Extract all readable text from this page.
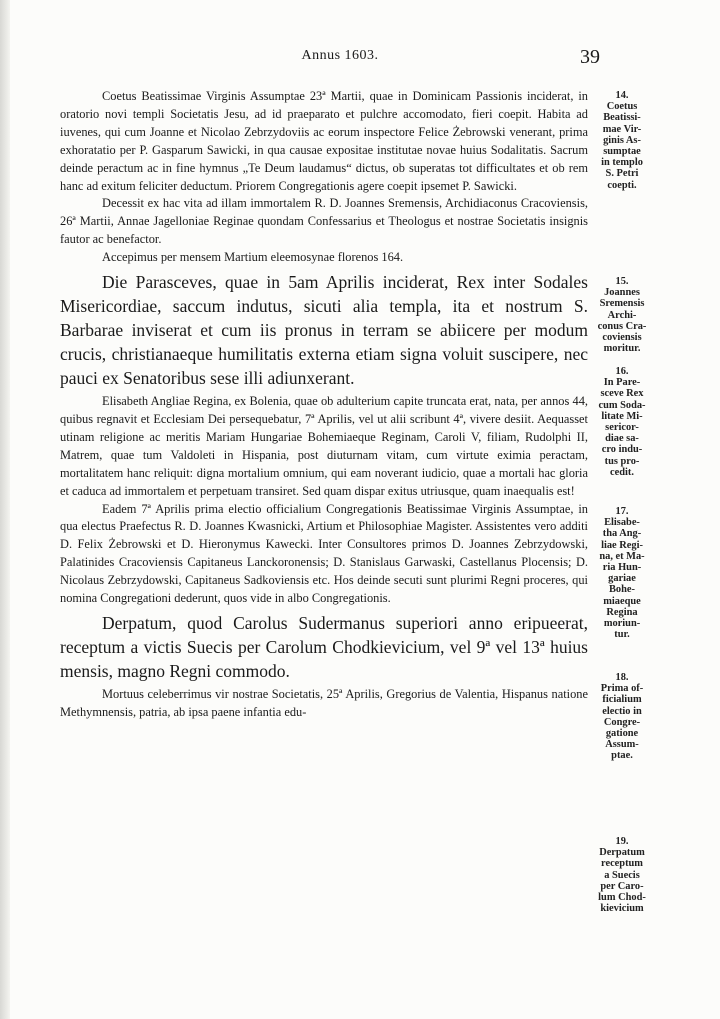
Annus 1603.	39

Coetus Beatissimae Virginis Assumptae 23ª Martii, quae in Dominicam Passionis inciderat, in oratorio novi templi Societatis Jesu, ad id praeparato et pulchre accomodato, fieri coepit. Habita ad iuvenes, qui cum Joanne et Nicolao Zebrzydoviis ac eorum inspectore Felice Żebrowski venerant, prima exhoratatio per P. Gasparum Sawicki, in qua causae expositae institutae novae huius Sodalitatis. Sacrum deinde peractum ac in fine hymnus „Te Deum laudamus“ dictus, ob superatas tot difficultates et ob rem hanc ad exitum feliciter deductum. Priorem Congregationis agere coepit ipsemet P. Sawicki.

Decessit ex hac vita ad illam immortalem R. D. Joannes Sremensis, Archidiaconus Cracoviensis, 26ª Martii, Annae Jagelloniae Reginae quondam Confessarius et Theologus et nostrae Societatis insignis fautor ac benefactor.

Accepimus per mensem Martium eleemosynae florenos 164.

Die Parasceves, quae in 5am Aprilis inciderat, Rex inter Sodales Misericordiae, saccum indutus, sicuti alia templa, ita et nostrum S. Barbarae inviserat et cum iis pronus in terram se abiicere per modum crucis, christianaeque humilitatis externa etiam signa voluit suscipere, nec pauci ex Senatoribus sese illi adiunxerant.

Elisabeth Angliae Regina, ex Bolenia, quae ob adulterium capite truncata erat, nata, per annos 44, quibus regnavit et Ecclesiam Dei persequebatur, 7ª Aprilis, vel ut alii scribunt 4ª, vivere desiit. Aequasset utinam religione ac meritis Mariam Hungariae Bohemiaeque Reginam, Caroli V, filiam, Rudolphi II, Matrem, quae tum Valdoleti in Hispania, post diuturnam vitam, cum virtute eximia peractam, mortalitatem hanc reliquit: digna mortalium omnium, qui eam noverant iudicio, quae a mortali hac gloria et caduca ad immortalem et perpetuam transiret. Sed quam dispar exitus utriusque, quam inaequalis est!

Eadem 7ª Aprilis prima electio officialium Congregationis Beatissimae Virginis Assumptae, in qua electus Praefectus R. D. Joannes Kwasnicki, Artium et Philosophiae Magister. Assistentes vero additi D. Felix Żebrowski et D. Hieronymus Kawecki. Inter Consultores primos D. Joannes Zebrzydowski, Palatinides Cracoviensis Capitaneus Lanckoronensis; D. Stanislaus Garwaski, Castellanus Plocensis; D. Nicolaus Zebrzydowski, Capitaneus Sadkoviensis etc. Hos deinde secuti sunt plurimi Regni proceres, qui nomina Congregationi dederunt, quos vide in albo Congregationis.

Derpatum, quod Carolus Sudermanus superiori anno eripueerat, receptum a victis Suecis per Carolum Chodkievicium, vel 9ª vel 13ª huius mensis, magno Regni commodo.

Mortuus celeberrimus vir nostrae Societatis, 25ª Aprilis, Gregorius de Valentia, Hispanus natione Methymnensis, patria, ab ipsa paene infantia edu-

14.
Coetus
Beatissi-
mae Vir-
ginis As-
sumptae
in templo
S. Petri
coepti.
15.
Joannes
Sremensis
Archi-
conus Cra-
coviensis
moritur.
16.
In Pare-
sceve Rex
cum Soda-
litate Mi-
sericor-
diae sa-
cro indu-
tus pro-
cedit.
17.
Elisabe-
tha Ang-
liae Regi-
na, et Ma-
ria Hun-
gariae
Bohe-
miaeque
Regina
moriun-
tur.
18.
Prima of-
ficialium
electio in
Congre-
gatione
Assum-
ptae.
19.
Derpatum
receptum
a Suecis
per Caro-
lum Chod-
kievicium
